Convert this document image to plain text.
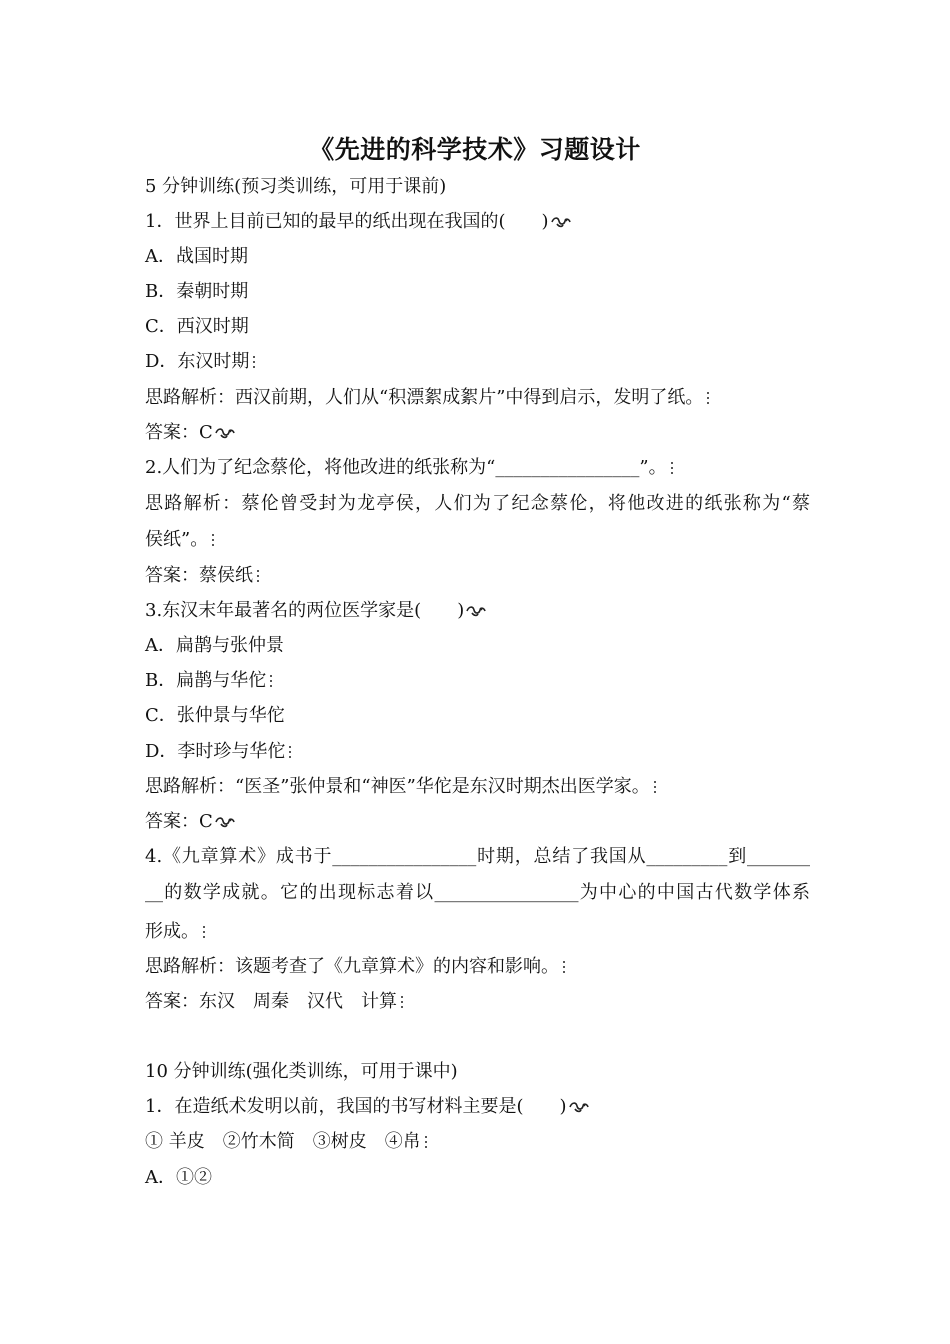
《先进的科学技术》习题设计
5 分钟训练(预习类训练，可用于课前)
1．世界上目前已知的最早的纸出现在我国的(　　)
A．战国时期
B．秦朝时期
C．西汉时期
D．东汉时期
思路解析：西汉前期，人们从“积漂絮成絮片”中得到启示，发明了纸。
答案：C
2.人们为了纪念蔡伦，将他改进的纸张称为“________________”。
思路解析：蔡伦曾受封为龙亭侯，人们为了纪念蔡伦，将他改进的纸张称为“蔡
侯纸”。
答案：蔡侯纸
3.东汉末年最著名的两位医学家是(　　)
A．扁鹊与张仲景
B．扁鹊与华佗
C．张仲景与华佗
D．李时珍与华佗
思路解析：“医圣”张仲景和“神医”华佗是东汉时期杰出医学家。
答案：C
4.《九章算术》成书于________________时期，总结了我国从_________到_______
__的数学成就。它的出现标志着以________________为中心的中国古代数学体系
形成。
思路解析：该题考查了《九章算术》的内容和影响。
答案：东汉　周秦　汉代　计算
10 分钟训练(强化类训练，可用于课中)
1．在造纸术发明以前，我国的书写材料主要是(　　)
① 羊皮　②竹木简　③树皮　④帛
A．①②
